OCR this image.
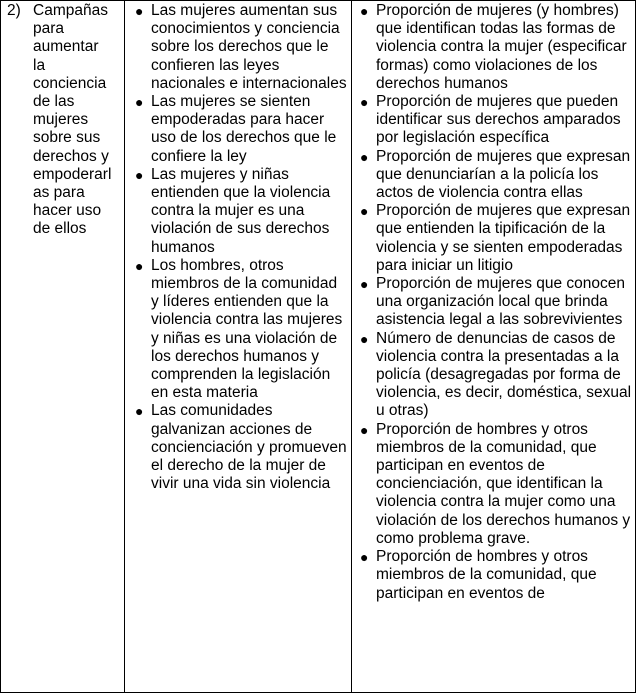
2) Campañas
para
aumentar
la
conciencia
de las
mujeres
sobre sus
derechos y
empoderarl
as para
hacer uso
de ellos
● Las mujeres aumentan sus conocimientos y conciencia sobre los derechos que le confieren las leyes nacionales e internacionales
● Las mujeres se sienten empoderadas para hacer uso de los derechos que le confiere la ley
● Las mujeres y niñas entienden que la violencia contra la mujer es una violación de sus derechos humanos
● Los hombres, otros miembros de la comunidad y líderes entienden que la violencia contra las mujeres y niñas es una violación de los derechos humanos y comprenden la legislación en esta materia
● Las comunidades galvanizan acciones de concienciación y promueven el derecho de la mujer de vivir una vida sin violencia
● Proporción de mujeres (y hombres) que identifican todas las formas de violencia contra la mujer (especificar formas) como violaciones de los derechos humanos
● Proporción de mujeres que pueden identificar sus derechos amparados por legislación específica
● Proporción de mujeres que expresan que denunciarían a la policía los actos de violencia contra ellas
● Proporción de mujeres que expresan que entienden la tipificación de la violencia y se sienten empoderadas para iniciar un litigio
● Proporción de mujeres que conocen una organización local que brinda asistencia legal a las sobrevivientes
● Número de denuncias de casos de violencia contra la presentadas a la policía (desagregadas por forma de violencia, es decir, doméstica, sexual u otras)
● Proporción de hombres y otros miembros de la comunidad, que participan en eventos de concienciación, que identifican la violencia contra la mujer como una violación de los derechos humanos y como problema grave.
● Proporción de hombres y otros miembros de la comunidad, que participan en eventos de
